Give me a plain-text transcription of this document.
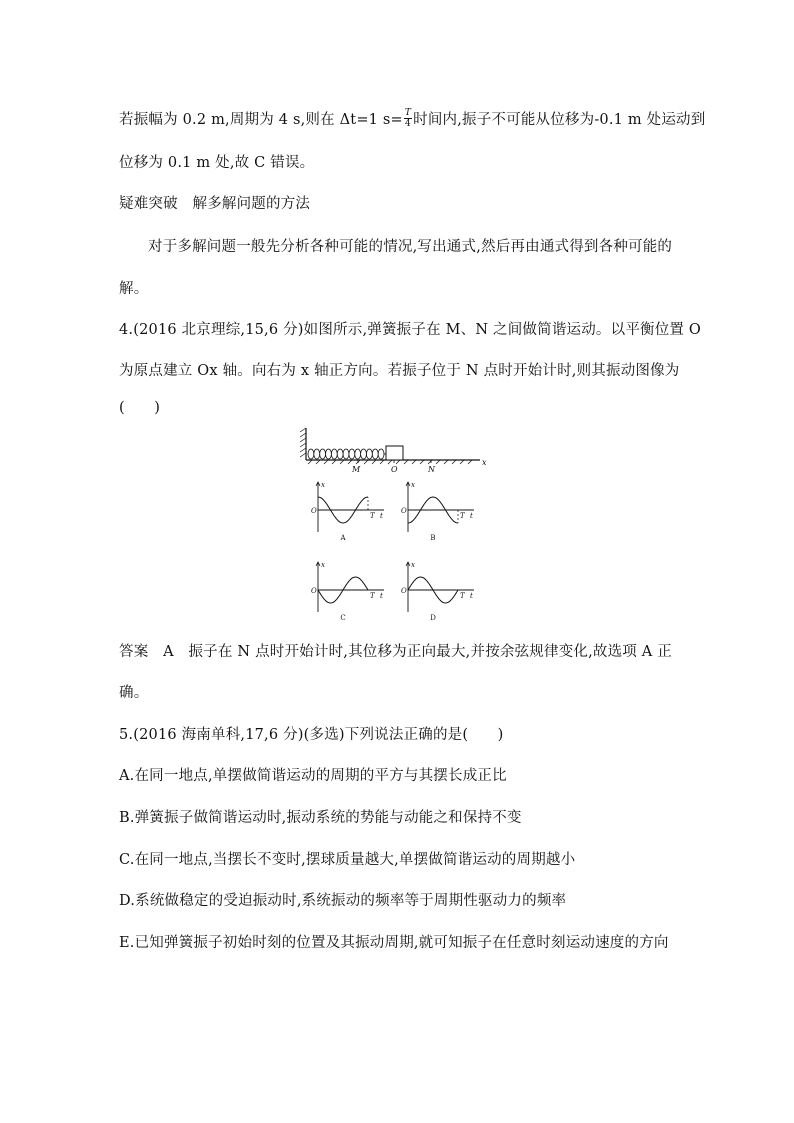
若振幅为 0.2 m,周期为 4 s,则在 Δt=1 $s= \frac{T}{4}$ 时间内,振子不可能从位移为-0.1 m 处运动到
位移为 0.1 m 处,故 C 错误。
疑难突破　解多解问题的方法
对于多解问题一般先分析各种可能的情况,写出通式,然后再由通式得到各种可能的
解。
4.(2016 北京理综,15,6 分)如图所示,弹簧振子在 M、N 之间做简谐运动。以平衡位置 O
为原点建立 Ox 轴。向右为 x 轴正方向。若振子位于 N 点时开始计时,则其振动图像为
(　　)
M	O	N
x
O
x
T t
A
O
x
T t
B
O
x
T t
C
O
x
T t
D
答案　A　振子在 N 点时开始计时,其位移为正向最大,并按余弦规律变化,故选项 A 正
确。
5.(2016 海南单科,17,6 分)(多选)下列说法正确的是(　　)
A.在同一地点,单摆做简谐运动的周期的平方与其摆长成正比
B.弹簧振子做简谐运动时,振动系统的势能与动能之和保持不变
C.在同一地点,当摆长不变时,摆球质量越大,单摆做简谐运动的周期越小
D.系统做稳定的受迫振动时,系统振动的频率等于周期性驱动力的频率
E.已知弹簧振子初始时刻的位置及其振动周期,就可知振子在任意时刻运动速度的方向
